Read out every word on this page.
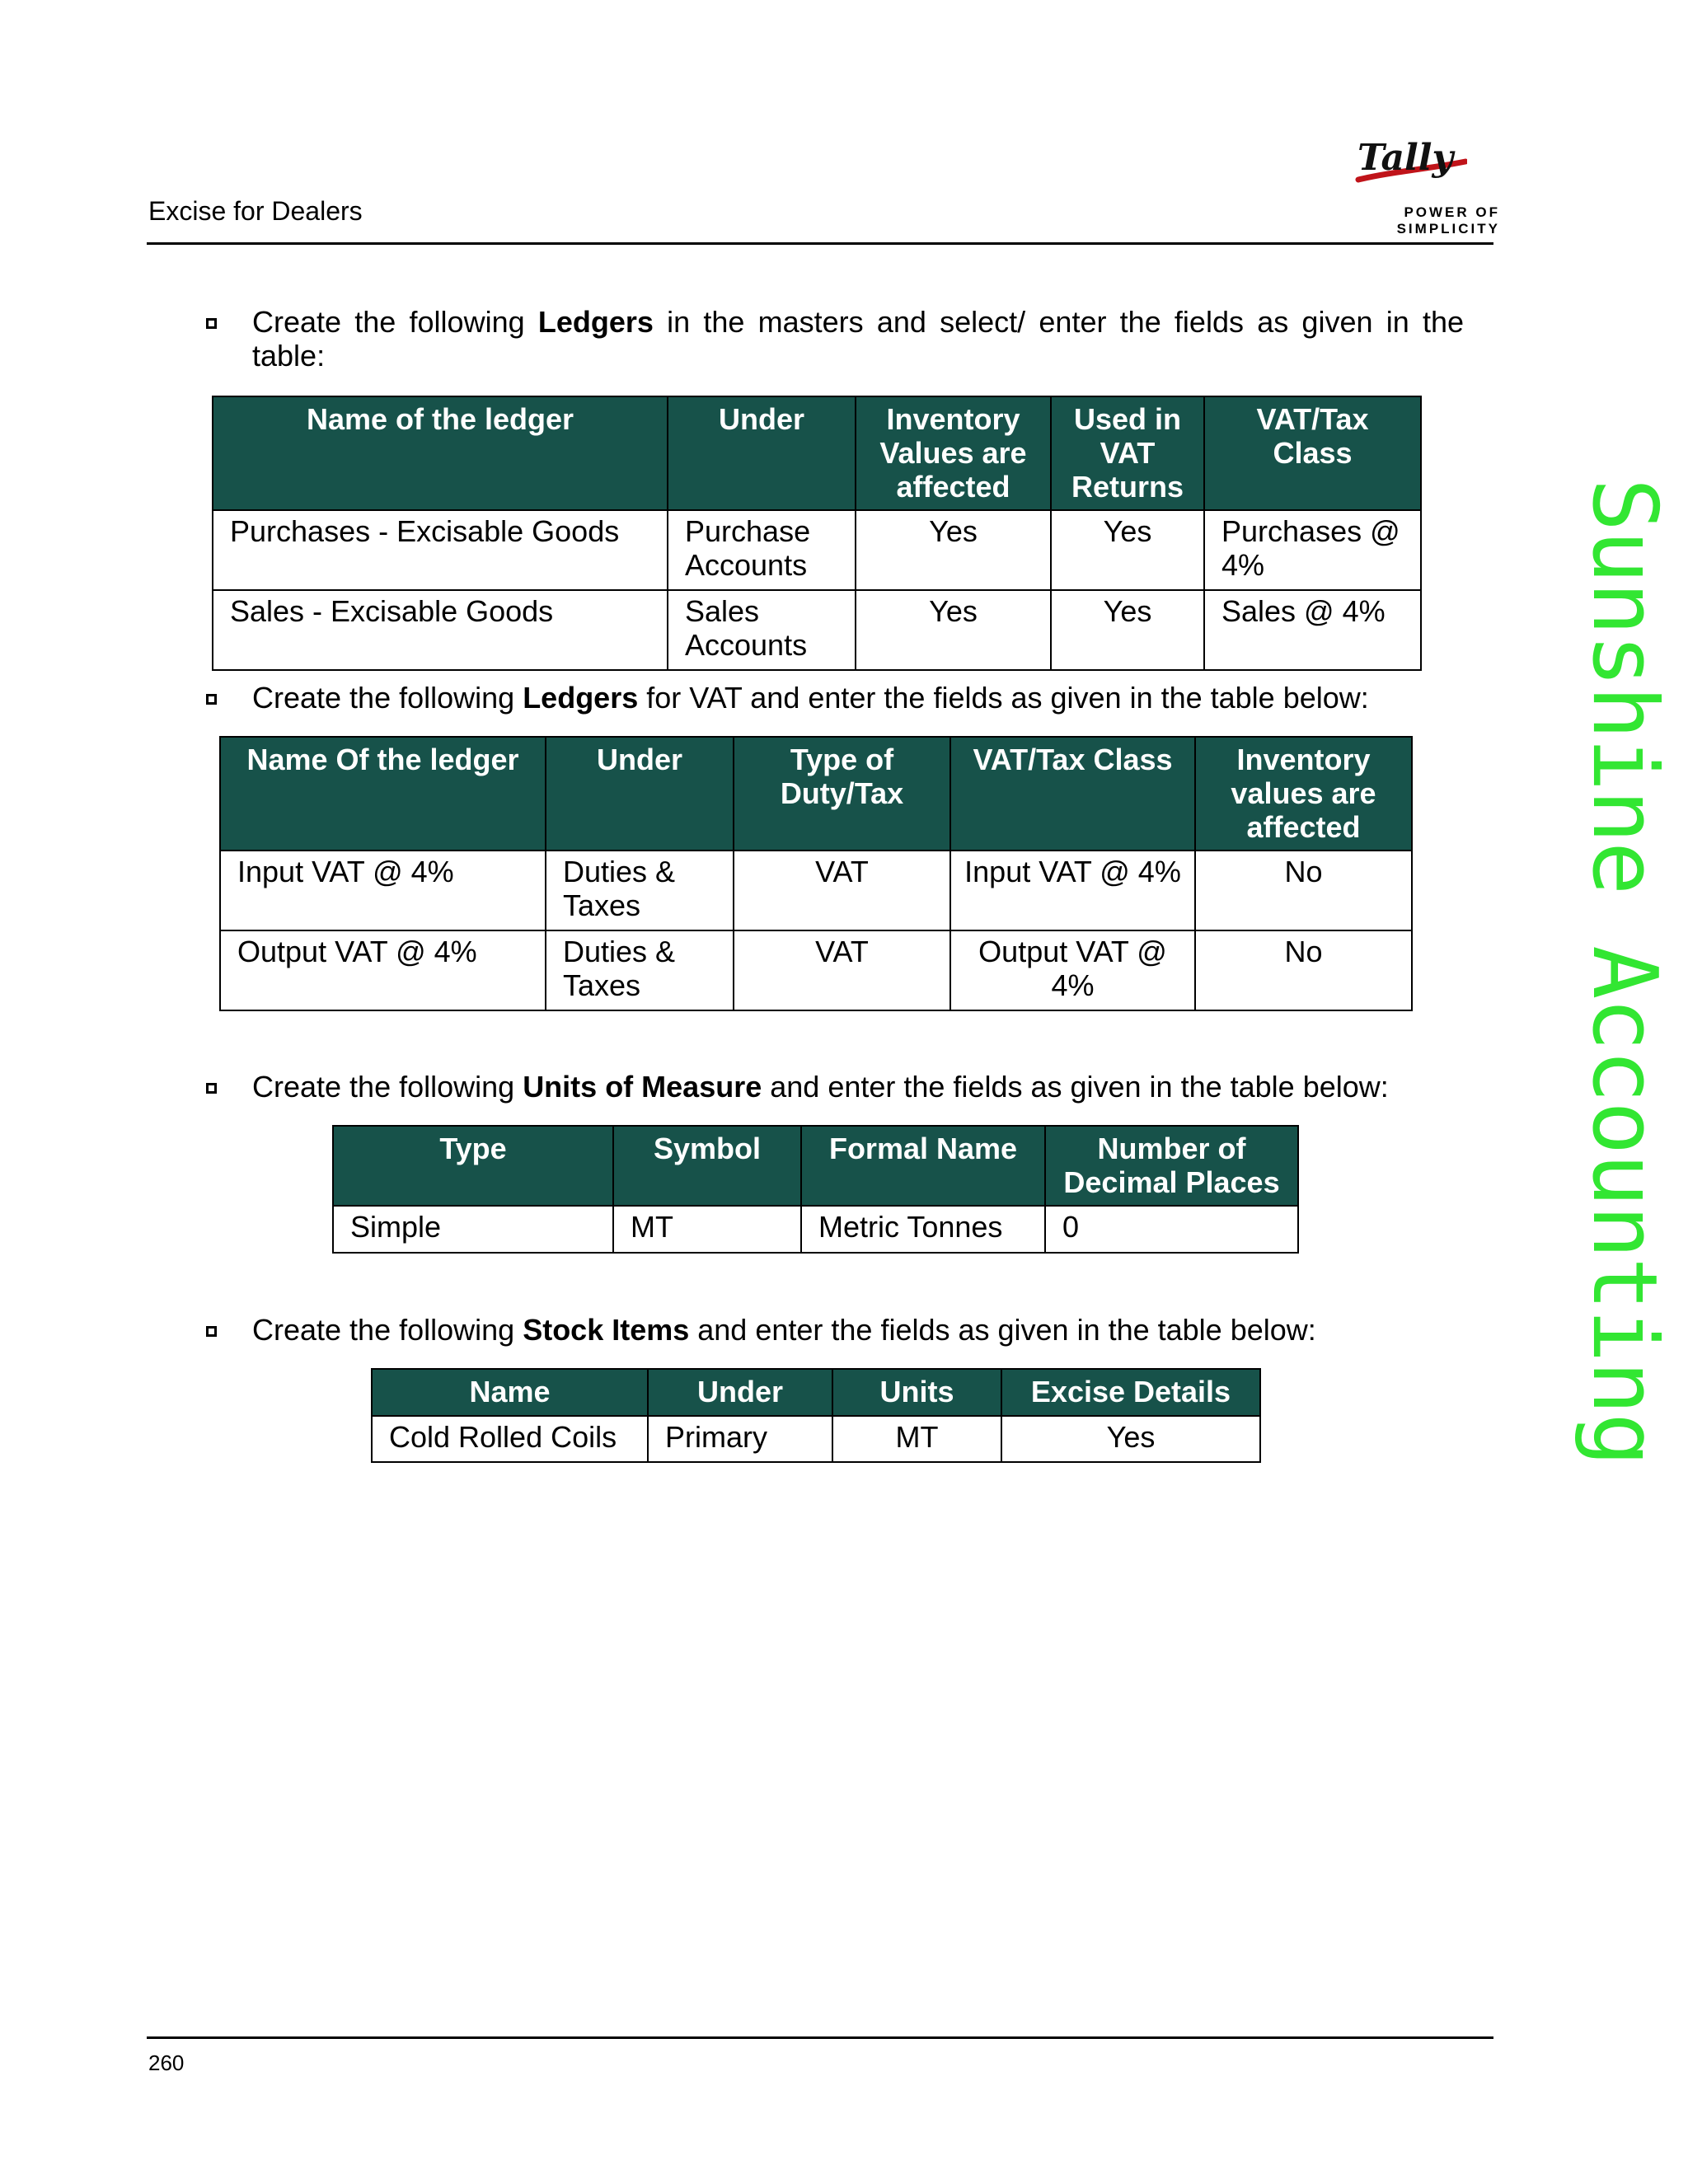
Excise for Dealers
Tally
POWER OF SIMPLICITY
Sunshine Accounting
Create the following Ledgers in the masters and select/ enter the fields as given in the table:
Name of the ledger	Under	Inventory Values are affected	Used in VAT Returns	VAT/Tax Class
Purchases - Excisable Goods	Purchase Accounts	Yes	Yes	Purchases @ 4%
Sales - Excisable Goods	Sales Accounts	Yes	Yes	Sales @ 4%
Create the following Ledgers for VAT and enter the fields as given in the table below:
Name Of the ledger	Under	Type of Duty/Tax	VAT/Tax Class	Inventory values are affected
Input VAT @ 4%	Duties & Taxes	VAT	Input VAT @ 4%	No
Output VAT @ 4%	Duties & Taxes	VAT	Output VAT @ 4%	No
Create the following Units of Measure and enter the fields as given in the table below:
Type	Symbol	Formal Name	Number of Decimal Places
Simple	MT	Metric Tonnes	0
Create the following Stock Items and enter the fields as given in the table below:
Name	Under	Units	Excise Details
Cold Rolled Coils	Primary	MT	Yes
260
